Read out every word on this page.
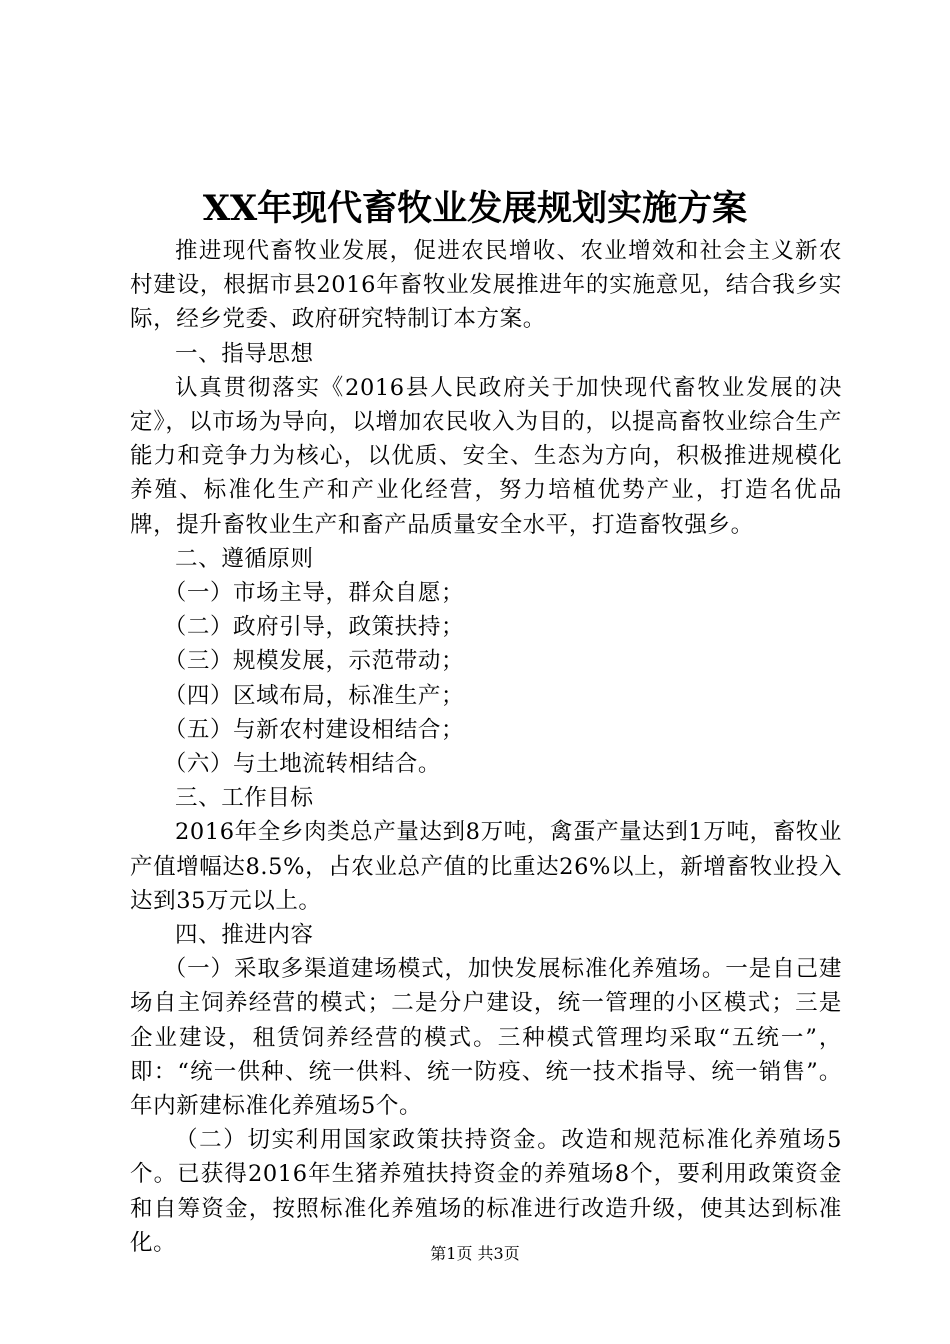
XX年现代畜牧业发展规划实施方案

推进现代畜牧业发展，促进农民增收、农业增效和社会主义新农村建设，根据市县2016年畜牧业发展推进年的实施意见，结合我乡实际，经乡党委、政府研究特制订本方案。

一、指导思想

认真贯彻落实《2016县人民政府关于加快现代畜牧业发展的决定》，以市场为导向，以增加农民收入为目的，以提高畜牧业综合生产能力和竞争力为核心，以优质、安全、生态为方向，积极推进规模化养殖、标准化生产和产业化经营，努力培植优势产业，打造名优品牌，提升畜牧业生产和畜产品质量安全水平，打造畜牧强乡。

二、遵循原则

（一）市场主导，群众自愿；

（二）政府引导，政策扶持；

（三）规模发展，示范带动；

（四）区域布局，标准生产；

（五）与新农村建设相结合；

（六）与土地流转相结合。

三、工作目标

2016年全乡肉类总产量达到8万吨，禽蛋产量达到1万吨，畜牧业产值增幅达8.5%，占农业总产值的比重达26%以上，新增畜牧业投入达到35万元以上。

四、推进内容

（一）采取多渠道建场模式，加快发展标准化养殖场。一是自己建场自主饲养经营的模式；二是分户建设，统一管理的小区模式；三是企业建设，租赁饲养经营的模式。三种模式管理均采取“五统一”，即：“统一供种、统一供料、统一防疫、统一技术指导、统一销售”。年内新建标准化养殖场5个。

（二）切实利用国家政策扶持资金。改造和规范标准化养殖场5个。已获得2016年生猪养殖扶持资金的养殖场8个，要利用政策资金和自筹资金，按照标准化养殖场的标准进行改造升级，使其达到标准化。	第1页 共3页
